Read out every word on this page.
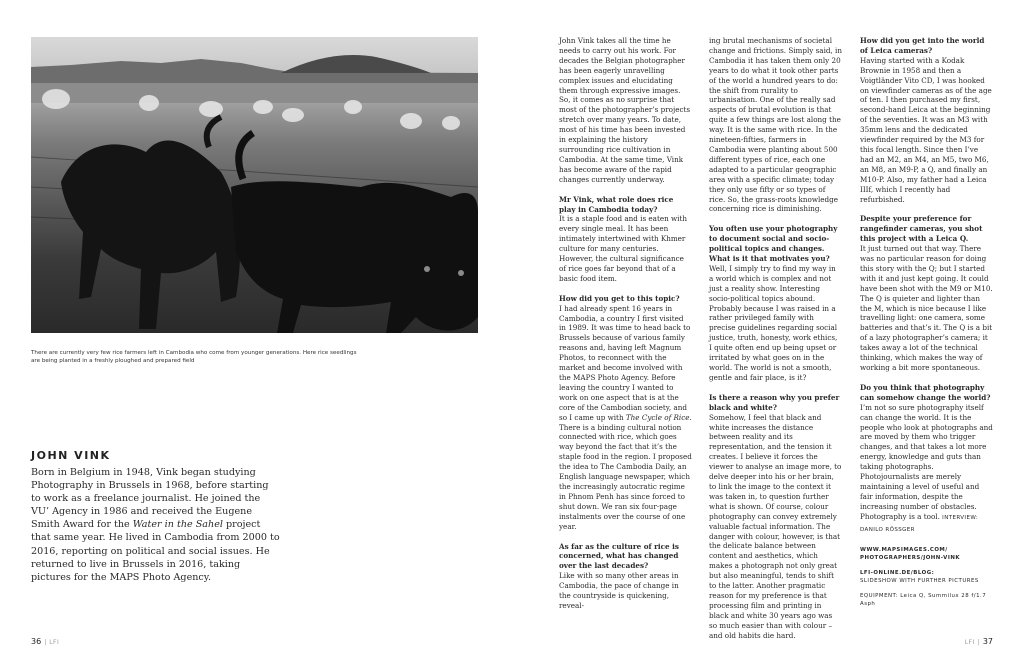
There are currently very few rice farmers left in Cambodia who come from younger generations. Here rice seedlings are being planted in a freshly ploughed and prepared field

JOHN VINK

Born in Belgium in 1948, Vink began studying Photography in Brussels in 1968, before starting to work as a freelance journalist. He joined the VU’ Agency in 1986 and received the Eugene Smith Award for the Water in the Sahel project that same year. He lived in Cambodia from 2000 to 2016, reporting on political and social issues. He returned to live in Brussels in 2016, taking pictures for the MAPS Photo Agency.

John Vink takes all the time he needs to carry out his work. For decades the Belgian photographer has been eagerly unravelling complex issues and elucidating them through expressive images. So, it comes as no surprise that most of the photographer’s projects stretch over many years. To date, most of his time has been invested in explaining the history surrounding rice cultivation in Cambodia. At the same time, Vink has become aware of the rapid changes currently underway.

Mr Vink, what role does rice play in Cambodia today?

It is a staple food and is eaten with every single meal. It has been intimately intertwined with Khmer culture for many centuries. However, the cultural significance of rice goes far beyond that of a basic food item.

How did you get to this topic?

I had already spent 16 years in Cambodia, a country I first visited in 1989. It was time to head back to Brussels because of various family reasons and, having left Magnum Photos, to reconnect with the market and become involved with the MAPS Photo Agency. Before leaving the country I wanted to work on one aspect that is at the core of the Cambodian society, and so I came up with The Cycle of Rice. There is a binding cultural notion connected with rice, which goes way beyond the fact that it’s the staple food in the region. I proposed the idea to The Cambodia Daily, an English language newspaper, which the increasingly autocratic regime in Phnom Penh has since forced to shut down. We ran six four-page instalments over the course of one year.

As far as the culture of rice is concerned, what has changed over the last decades?

Like with so many other areas in Cambodia, the pace of change in the countryside is quickening, reveal-

ing brutal mechanisms of societal change and frictions. Simply said, in Cambodia it has taken them only 20 years to do what it took other parts of the world a hundred years to do: the shift from rurality to urbanisation. One of the really sad aspects of brutal evolution is that quite a few things are lost along the way. It is the same with rice. In the nineteen-fifties, farmers in Cambodia were planting about 500 different types of rice, each one adapted to a particular geographic area with a specific climate; today they only use fifty or so types of rice. So, the grass-roots knowledge concerning rice is diminishing.

You often use your photography to document social and socio-political topics and changes. What is it that motivates you?

Well, I simply try to find my way in a world which is complex and not just a reality show. Interesting socio-political topics abound. Probably because I was raised in a rather privileged family with precise guidelines regarding social justice, truth, honesty, work ethics, I quite often end up being upset or irritated by what goes on in the world. The world is not a smooth, gentle and fair place, is it?

Is there a reason why you prefer black and white?

Somehow, I feel that black and white increases the distance between reality and its representation, and the tension it creates. I believe it forces the viewer to analyse an image more, to delve deeper into his or her brain, to link the image to the context it was taken in, to question further what is shown. Of course, colour photography can convey extremely valuable factual information. The danger with colour, however, is that the delicate balance between content and aesthetics, which makes a photograph not only great but also meaningful, tends to shift to the latter. Another pragmatic reason for my preference is that processing film and printing in black and white 30 years ago was so much easier than with colour – and old habits die hard.

How did you get into the world of Leica cameras?

Having started with a Kodak Brownie in 1958 and then a Voigtländer Vito CD, I was hooked on viewfinder cameras as of the age of ten. I then purchased my first, second-hand Leica at the beginning of the seventies. It was an M3 with 35mm lens and the dedicated viewfinder required by the M3 for this focal length. Since then I’ve had an M2, an M4, an M5, two M6, an M8, an M9-P, a Q, and finally an M10-P. Also, my father had a Leica IIIf, which I recently had refurbished.

Despite your preference for rangefinder cameras, you shot this project with a Leica Q.

It just turned out that way. There was no particular reason for doing this story with the Q; but I started with it and just kept going. It could have been shot with the M9 or M10. The Q is quieter and lighter than the M, which is nice because I like travelling light: one camera, some batteries and that’s it. The Q is a bit of a lazy photographer’s camera; it takes away a lot of the technical thinking, which makes the way of working a bit more spontaneous.

Do you think that photography can somehow change the world?

I’m not so sure photography itself can change the world. It is the people who look at photographs and are moved by them who trigger changes, and that takes a lot more energy, knowledge and guts than taking photographs. Photojournalists are merely maintaining a level of useful and fair information, despite the increasing number of obstacles. Photography is a tool. INTERVIEW: DANILO RÖSSGER

WWW.MAPSIMAGES.COM/ PHOTOGRAPHERS/JOHN-VINK

LFI-ONLINE.DE/BLOG:
SLIDESHOW WITH FURTHER PICTURES

EQUIPMENT: Leica Q, Summilux 28 f/1.7 Asph

36 | LFI	LFI | 37
